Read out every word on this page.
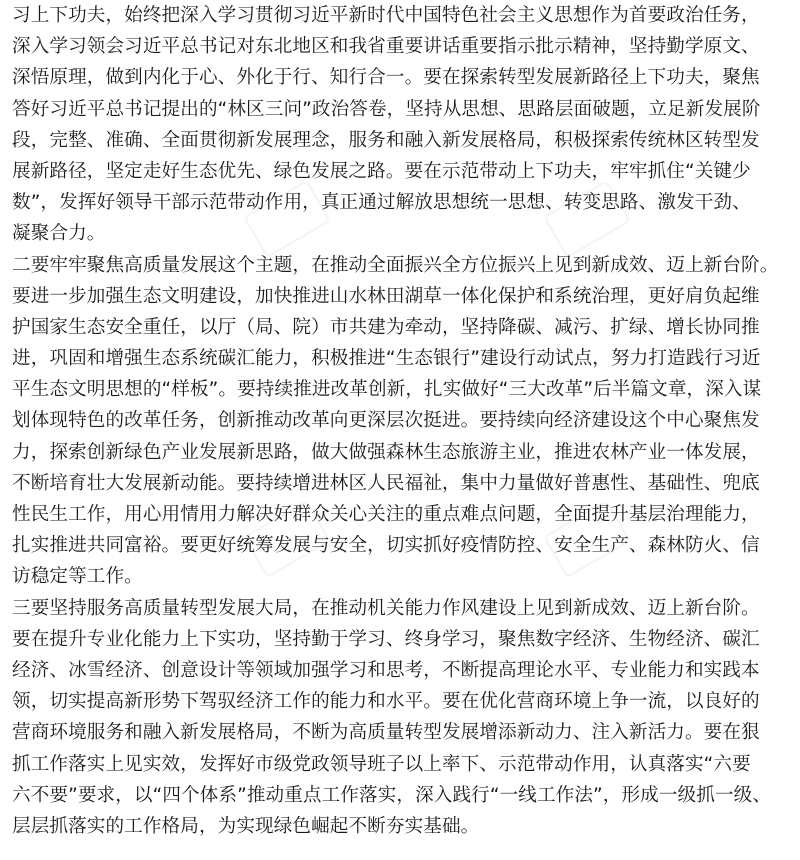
习上下功夫，始终把深入学习贯彻习近平新时代中国特色社会主义思想作为首要政治任务，
深入学习领会习近平总书记对东北地区和我省重要讲话重要指示批示精神，坚持勤学原文、
深悟原理，做到内化于心、外化于行、知行合一。要在探索转型发展新路径上下功夫，聚焦
答好习近平总书记提出的“林区三问”政治答卷，坚持从思想、思路层面破题，立足新发展阶
段，完整、准确、全面贯彻新发展理念，服务和融入新发展格局，积极探索传统林区转型发
展新路径，坚定走好生态优先、绿色发展之路。要在示范带动上下功夫，牢牢抓住“关键少
数”，发挥好领导干部示范带动作用，真正通过解放思想统一思想、转变思路、激发干劲、
凝聚合力。
二要牢牢聚焦高质量发展这个主题，在推动全面振兴全方位振兴上见到新成效、迈上新台阶。
要进一步加强生态文明建设，加快推进山水林田湖草一体化保护和系统治理，更好肩负起维
护国家生态安全重任，以厅（局、院）市共建为牵动，坚持降碳、减污、扩绿、增长协同推
进，巩固和增强生态系统碳汇能力，积极推进“生态银行”建设行动试点，努力打造践行习近
平生态文明思想的“样板”。要持续推进改革创新，扎实做好“三大改革”后半篇文章，深入谋
划体现特色的改革任务，创新推动改革向更深层次挺进。要持续向经济建设这个中心聚焦发
力，探索创新绿色产业发展新思路，做大做强森林生态旅游主业，推进农林产业一体发展，
不断培育壮大发展新动能。要持续增进林区人民福祉，集中力量做好普惠性、基础性、兜底
性民生工作，用心用情用力解决好群众关心关注的重点难点问题，全面提升基层治理能力，
扎实推进共同富裕。要更好统筹发展与安全，切实抓好疫情防控、安全生产、森林防火、信
访稳定等工作。
三要坚持服务高质量转型发展大局，在推动机关能力作风建设上见到新成效、迈上新台阶。
要在提升专业化能力上下实功，坚持勤于学习、终身学习，聚焦数字经济、生物经济、碳汇
经济、冰雪经济、创意设计等领域加强学习和思考，不断提高理论水平、专业能力和实践本
领，切实提高新形势下驾驭经济工作的能力和水平。要在优化营商环境上争一流，以良好的
营商环境服务和融入新发展格局，不断为高质量转型发展增添新动力、注入新活力。要在狠
抓工作落实上见实效，发挥好市级党政领导班子以上率下、示范带动作用，认真落实“六要
六不要”要求，以“四个体系”推动重点工作落实，深入践行“一线工作法”，形成一级抓一级、
层层抓落实的工作格局，为实现绿色崛起不断夯实基础。
